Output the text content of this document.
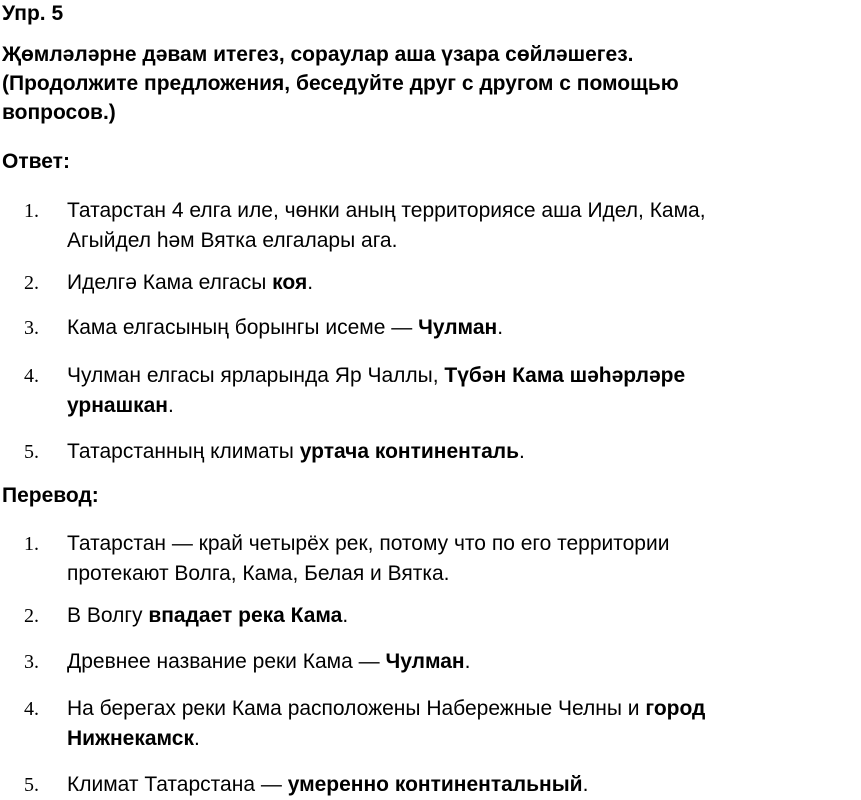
Упр. 5

Җөмләләрне дәвам итегез, сораулар аша үзара сөйләшегез.
(Продолжите предложения, беседуйте друг с другом с помощью
вопросов.)

Ответ:
1. Татарстан 4 елга иле, чөнки аның территориясе аша Идел, Кама,
Агыйдел һәм Вятка елгалары ага.
2. Иделгә Кама елгасы коя.
3. Кама елгасының борынгы исеме — Чулман.
4. Чулман елгасы ярларында Яр Чаллы, Түбән Кама шәһәрләре
урнашкан.
5. Татарстанның климаты уртача континенталь.
Перевод:
1. Татарстан — край четырёх рек, потому что по его территории
протекают Волга, Кама, Белая и Вятка.
2. В Волгу впадает река Кама.
3. Древнее название реки Кама — Чулман.
4. На берегах реки Кама расположены Набережные Челны и город
Нижнекамск.
5. Климат Татарстана — умеренно континентальный.
